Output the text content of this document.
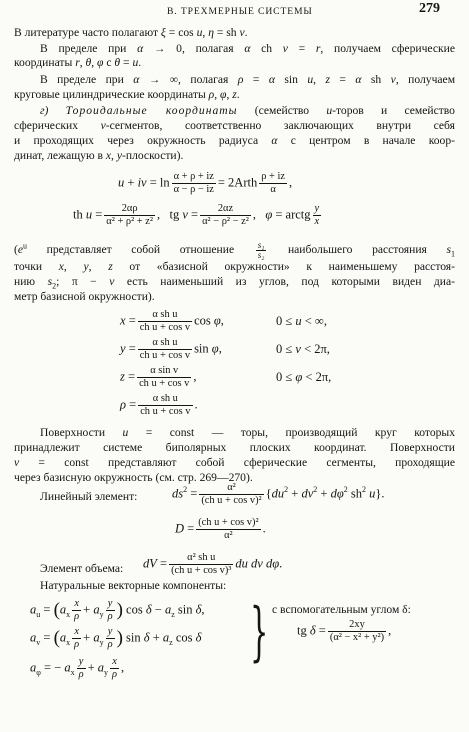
В. ТРЕХМЕРНЫЕ СИСТЕМЫ	279
В литературе часто полагают ξ = cos u, η = sh v.
В пределе при α → 0, полагая α ch v = r, получаем сферические
координаты r, θ, φ с θ = u.
В пределе при α → ∞, полагая ρ = α sin u, z = α sh v, получаем
круговые цилиндрические координаты ρ, φ, z.
г) Тороидальные координаты (семейство u-торов и семейство
сферических v-сегментов, соответственно заключающих внутри себя
и проходящих через окружность радиуса α с центром в начале коор-
динат, лежащую в x, y-плоскости).
u + iv = $\ln \frac{\alpha + \rho + iz}{\alpha - \rho - iz}$ = 2Arth $\frac{\rho + iz}{\alpha}$ ,
th $u = \frac{2\alpha\rho}{\text{α² + ρ² + z²}}$ ,   tg $v = \frac{2\alpha z}{\text{α² − ρ² − z²}}$ ,   φ = arctg $\frac{y}{x}$
($e^u$ представляет собой отношение $\frac{\text{s₁}}{\text{s₂}}$ наибольшего расстояния $s_1$
точки x, y, z от «базисной окружности» к наименьшему расстоя-
нию $s_2$; π − v есть наименьший из углов, под которыми виден диа-
метр базисной окружности).
$x = \frac{\text{α sh u}}{\text{ch u + cos v}}$ cos φ,	0 ≤ u < ∞,
$y = \frac{\text{α sh u}}{\text{ch u + cos v}}$ sin φ,	0 ≤ v < 2π,
$z = \frac{\text{α sin v}}{\text{ch u + cos v}}$ ,	0 ≤ φ < 2π,
$\rho = \frac{\text{α sh u}}{\text{ch u + cos v}}$ .
Поверхности u = const — торы, производящий круг которых
принадлежит системе биполярных плоских координат. Поверхности
v = const представляют собой сферические сегменты, проходящие
через базисную окружность (см. стр. 269—270).
Линейный элемент:	$ds^2 = \frac{\text{α²}}{\text{(ch u + cos v)²}} \{du^2 + dv^2 + d\varphi^2$ $sh^2$ u}.
$D = \frac{\text{(ch u + cos v)²}}{\text{α²}}$ .
Элемент объема: dV = $\frac{\text{α² sh u}}{\text{(ch u + cos v)³}}$ du dv dφ.
Натуральные векторные компоненты:
$a_u = (a_x \frac{x}{\rho} + a_y \frac{y}{\rho}$ ) $\cos \delta - a_z$ sin δ,
$a_v = (a_x \frac{x}{\rho} + a_y \frac{y}{\rho}$ ) $\sin \delta + a_z$ cos δ
$a_\varphi$ = − $a_x \frac{y}{\rho} + a_y \frac{x}{\rho}$ , } с вспомогательным углом δ:
tg $\delta = \frac{2xy}{\text{(α² − x² + y²)}}$ ,
